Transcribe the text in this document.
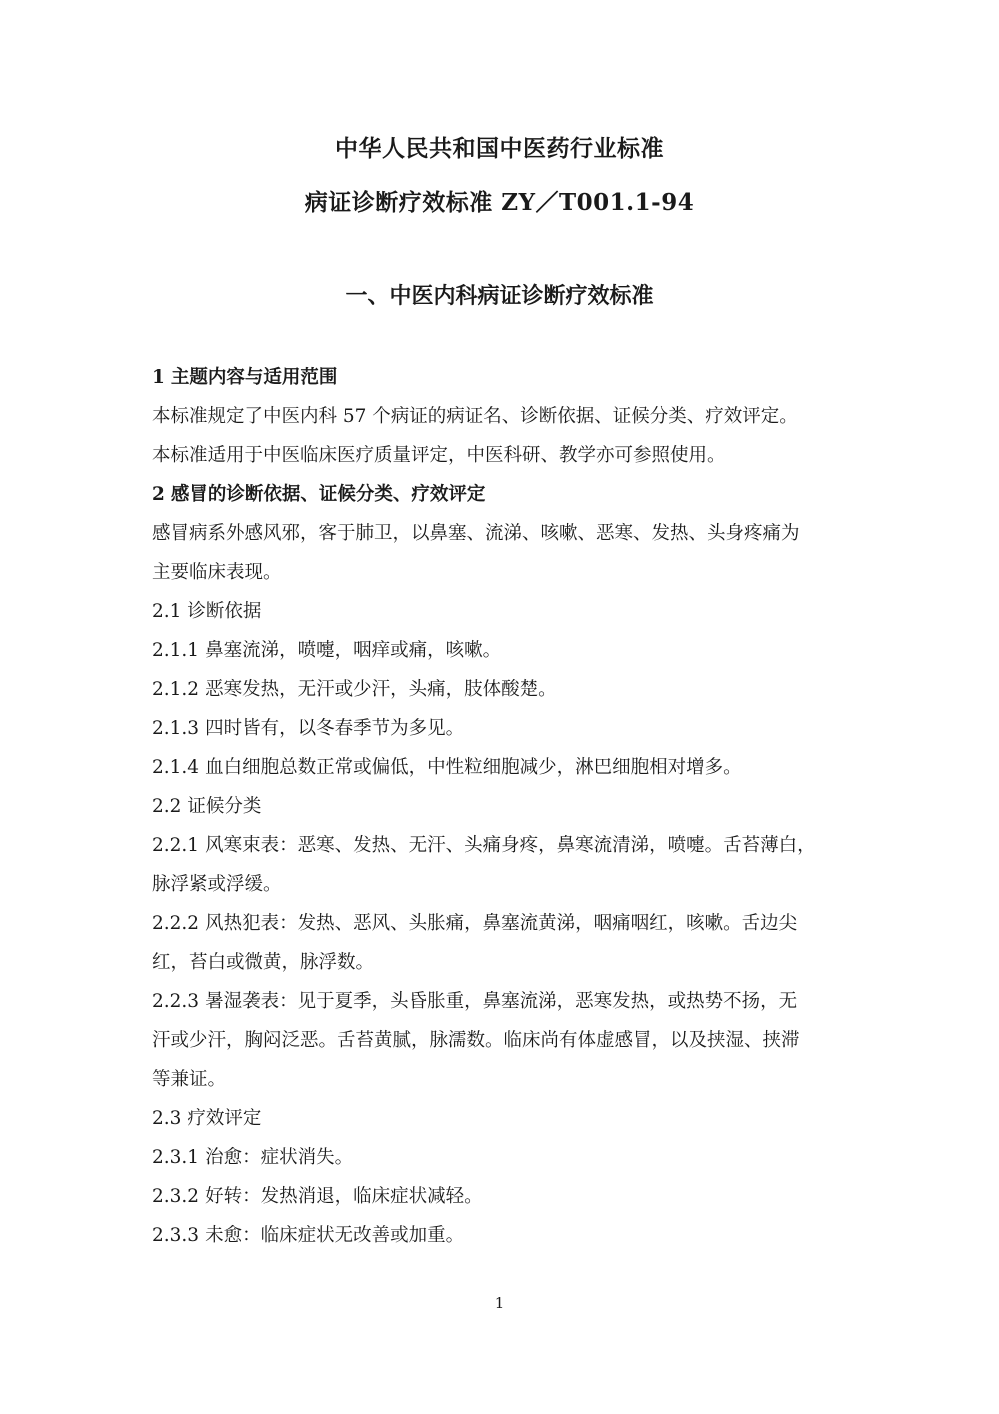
中华人民共和国中医药行业标准
病证诊断疗效标准 ZY／T001.1-94
一、中医内科病证诊断疗效标准
1 主题内容与适用范围
本标准规定了中医内科 57 个病证的病证名、诊断依据、证候分类、疗效评定。
本标准适用于中医临床医疗质量评定，中医科研、教学亦可参照使用。
2 感冒的诊断依据、证候分类、疗效评定
感冒病系外感风邪，客于肺卫，以鼻塞、流涕、咳嗽、恶寒、发热、头身疼痛为
主要临床表现。
2.1 诊断依据
2.1.1 鼻塞流涕，喷嚏，咽痒或痛，咳嗽。
2.1.2 恶寒发热，无汗或少汗，头痛，肢体酸楚。
2.1.3 四时皆有，以冬春季节为多见。
2.1.4 血白细胞总数正常或偏低，中性粒细胞减少，淋巴细胞相对增多。
2.2 证候分类
2.2.1 风寒束表：恶寒、发热、无汗、头痛身疼，鼻寒流清涕，喷嚏。舌苔薄白，
脉浮紧或浮缓。
2.2.2 风热犯表：发热、恶风、头胀痛，鼻塞流黄涕，咽痛咽红，咳嗽。舌边尖
红，苔白或微黄，脉浮数。
2.2.3 暑湿袭表：见于夏季，头昏胀重，鼻塞流涕，恶寒发热，或热势不扬，无
汗或少汗，胸闷泛恶。舌苔黄腻，脉濡数。临床尚有体虚感冒，以及挟湿、挟滞
等兼证。
2.3 疗效评定
2.3.1 治愈：症状消失。
2.3.2 好转：发热消退，临床症状减轻。
2.3.3 未愈：临床症状无改善或加重。
1
